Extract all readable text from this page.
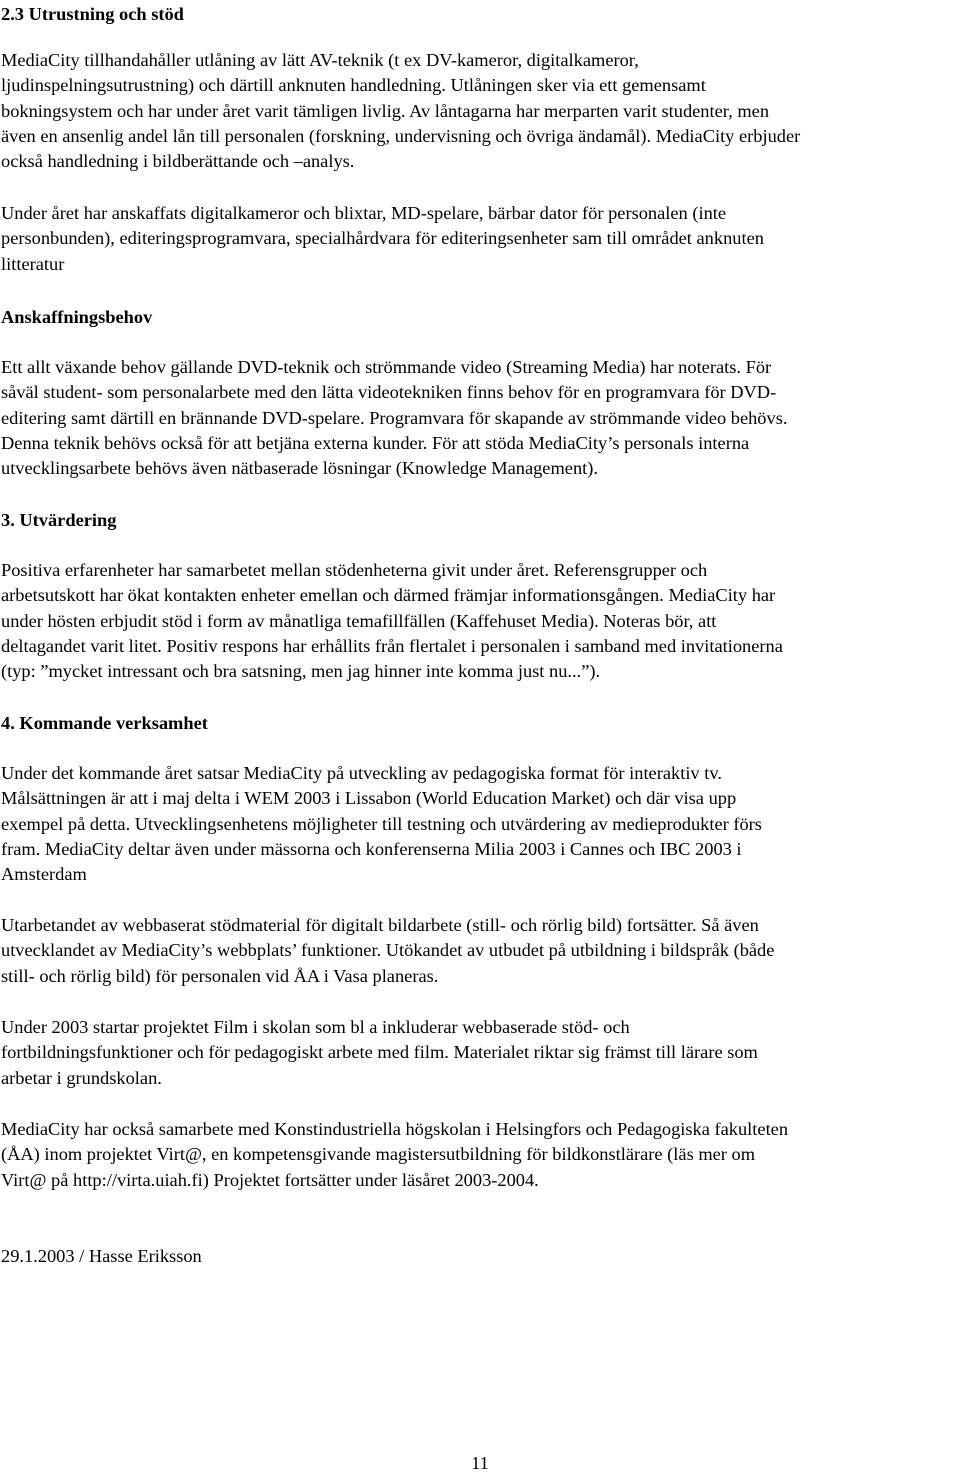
2.3 Utrustning och stöd
MediaCity tillhandahåller utlåning av lätt AV-teknik (t ex DV-kameror, digitalkameror,
ljudinspelningsutrustning) och därtill anknuten handledning. Utlåningen sker via ett gemensamt
bokningsystem och har under året varit tämligen livlig. Av låntagarna har merparten varit studenter, men
även en ansenlig andel lån till personalen (forskning, undervisning och övriga ändamål). MediaCity erbjuder
också handledning i bildberättande och –analys.
Under året har anskaffats digitalkameror och blixtar, MD-spelare, bärbar dator för personalen (inte
personbunden), editeringsprogramvara, specialhårdvara för editeringsenheter sam till området anknuten
litteratur
Anskaffningsbehov
Ett allt växande behov gällande DVD-teknik och strömmande video (Streaming Media) har noterats. För
såväl student- som personalarbete med den lätta videotekniken finns behov för en programvara för DVD-
editering samt därtill en brännande DVD-spelare. Programvara för skapande av strömmande video behövs.
Denna teknik behövs också för att betjäna externa kunder. För att stöda MediaCity’s personals interna
utvecklingsarbete behövs även nätbaserade lösningar (Knowledge Management).
3. Utvärdering
Positiva erfarenheter har samarbetet mellan stödenheterna givit under året. Referensgrupper och
arbetsutskott har ökat kontakten enheter emellan och därmed främjar informationsgången. MediaCity har
under hösten erbjudit stöd i form av månatliga temafillfällen (Kaffehuset Media). Noteras bör, att
deltagandet varit litet. Positiv respons har erhållits från flertalet i personalen i samband med invitationerna
(typ: ”mycket intressant och bra satsning, men jag hinner inte komma just nu...”).
4. Kommande verksamhet
Under det kommande året satsar MediaCity på utveckling av pedagogiska format för interaktiv tv.
Målsättningen är att i maj delta i WEM 2003 i Lissabon (World Education Market) och där visa upp
exempel på detta. Utvecklingsenhetens möjligheter till testning och utvärdering av medieprodukter förs
fram. MediaCity deltar även under mässorna och konferenserna Milia 2003 i Cannes och IBC 2003 i
Amsterdam
Utarbetandet av webbaserat stödmaterial för digitalt bildarbete (still- och rörlig bild) fortsätter. Så även
utvecklandet av MediaCity’s webbplats’ funktioner. Utökandet av utbudet på utbildning i bildspråk (både
still- och rörlig bild) för personalen vid ÅA i Vasa planeras.
Under 2003 startar projektet Film i skolan som bl a inkluderar webbaserade stöd- och
fortbildningsfunktioner och för pedagogiskt arbete med film. Materialet riktar sig främst till lärare som
arbetar i grundskolan.
MediaCity har också samarbete med Konstindustriella högskolan i Helsingfors och Pedagogiska fakulteten
(ÅA) inom projektet Virt@, en kompetensgivande magistersutbildning för bildkonstlärare (läs mer om
Virt@ på http://virta.uiah.fi) Projektet fortsätter under läsåret 2003-2004.
29.1.2003 / Hasse Eriksson
11
